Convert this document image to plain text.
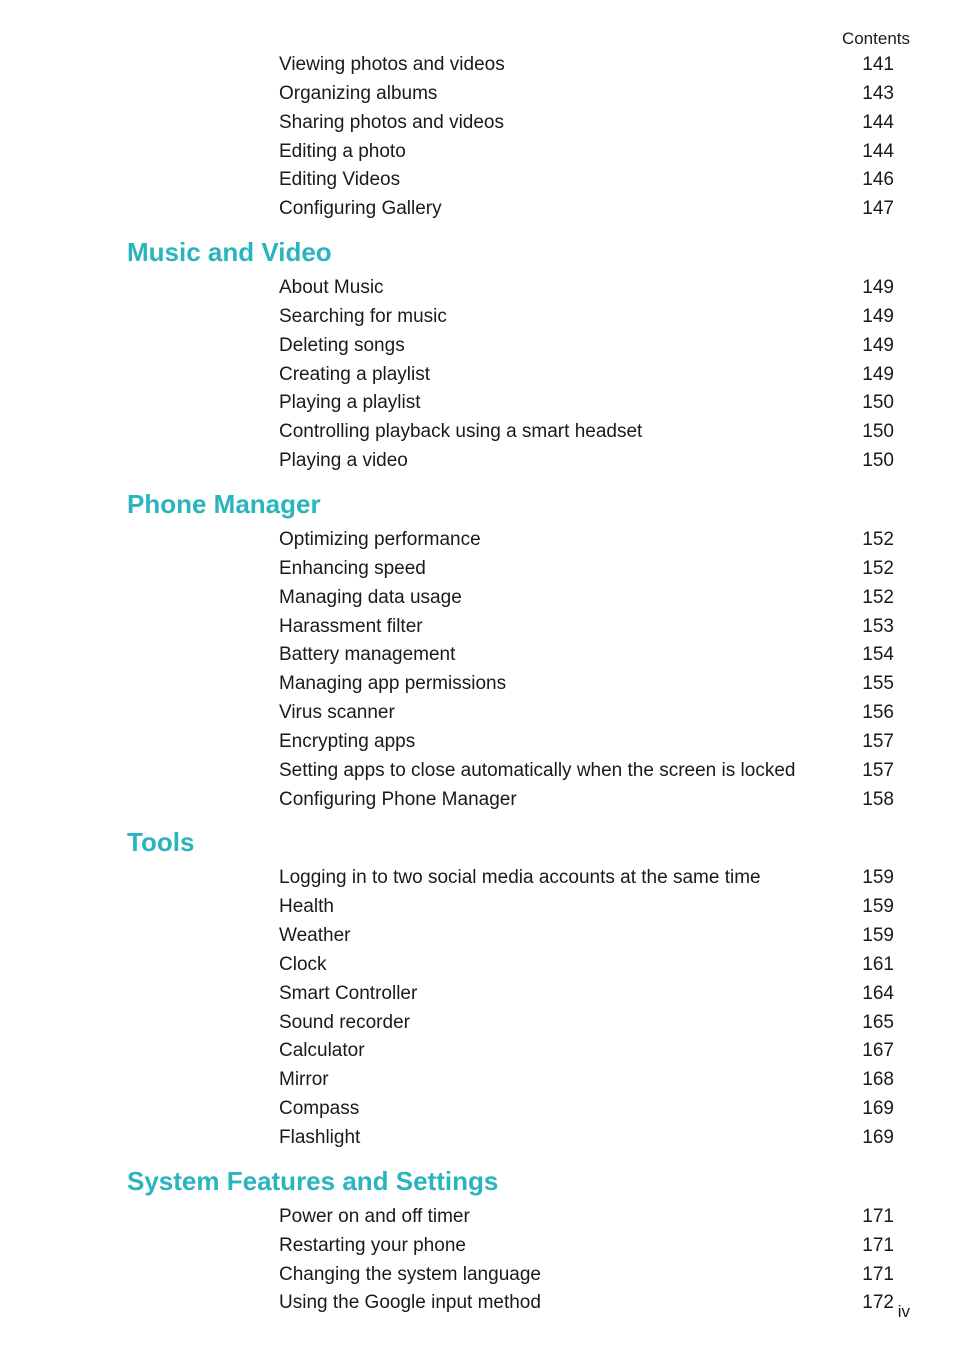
Contents
Viewing photos and videos	141
Organizing albums	143
Sharing photos and videos	144
Editing a photo	144
Editing Videos	146
Configuring Gallery	147
Music and Video
About Music	149
Searching for music	149
Deleting songs	149
Creating a playlist	149
Playing a playlist	150
Controlling playback using a smart headset	150
Playing a video	150
Phone Manager
Optimizing performance	152
Enhancing speed	152
Managing data usage	152
Harassment filter	153
Battery management	154
Managing app permissions	155
Virus scanner	156
Encrypting apps	157
Setting apps to close automatically when the screen is locked	157
Configuring Phone Manager	158
Tools
Logging in to two social media accounts at the same time	159
Health	159
Weather	159
Clock	161
Smart Controller	164
Sound recorder	165
Calculator	167
Mirror	168
Compass	169
Flashlight	169
System Features and Settings
Power on and off timer	171
Restarting your phone	171
Changing the system language	171
Using the Google input method	172 iv
